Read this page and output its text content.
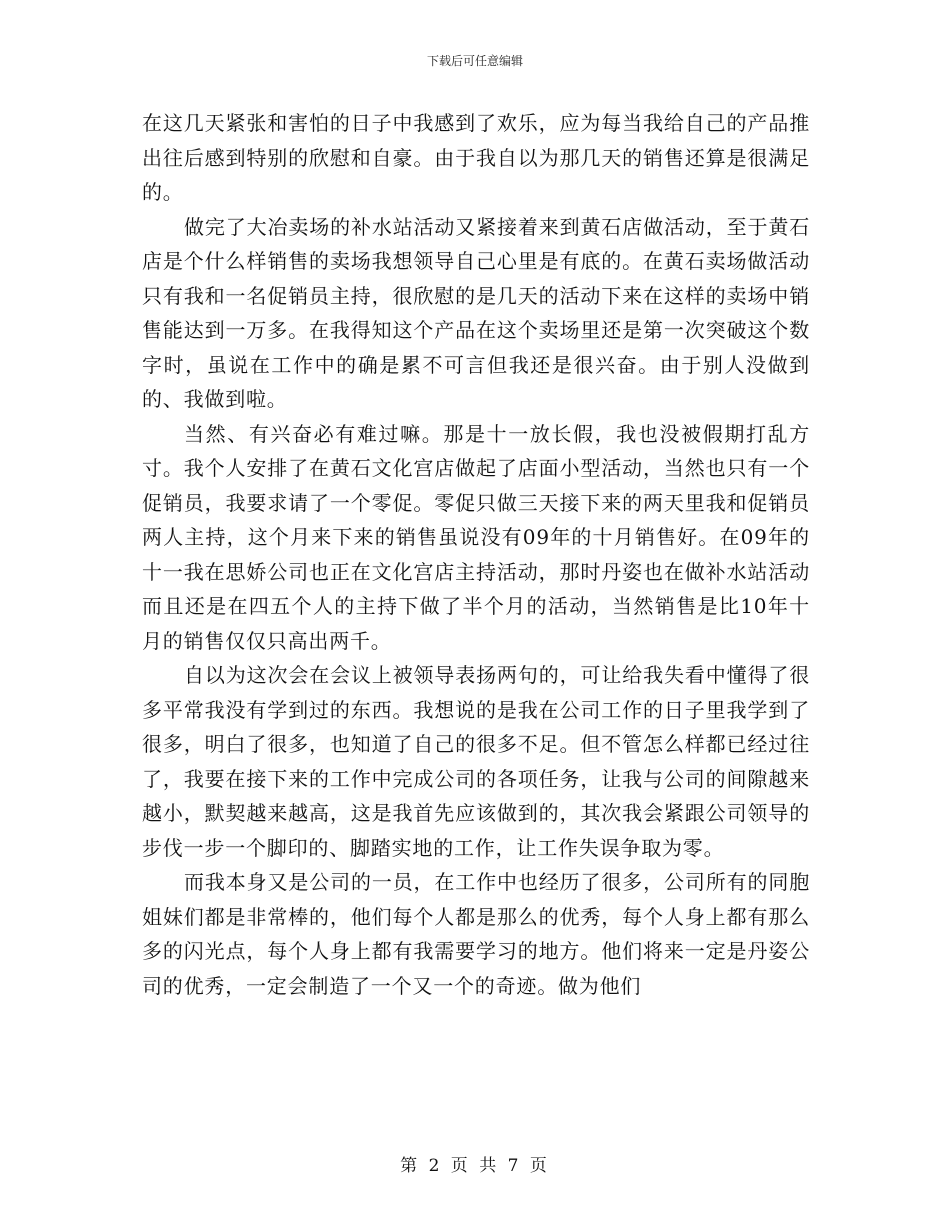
下载后可任意编辑

在这几天紧张和害怕的日子中我感到了欢乐，应为每当我给自己的产品推出往后感到特别的欣慰和自豪。由于我自以为那几天的销售还算是很满足的。

做完了大冶卖场的补水站活动又紧接着来到黄石店做活动，至于黄石店是个什么样销售的卖场我想领导自己心里是有底的。在黄石卖场做活动只有我和一名促销员主持，很欣慰的是几天的活动下来在这样的卖场中销售能达到一万多。在我得知这个产品在这个卖场里还是第一次突破这个数字时，虽说在工作中的确是累不可言但我还是很兴奋。由于别人没做到的、我做到啦。

当然、有兴奋必有难过嘛。那是十一放长假，我也没被假期打乱方寸。我个人安排了在黄石文化宫店做起了店面小型活动，当然也只有一个促销员，我要求请了一个零促。零促只做三天接下来的两天里我和促销员两人主持，这个月来下来的销售虽说没有09年的十月销售好。在09年的十一我在思娇公司也正在文化宫店主持活动，那时丹姿也在做补水站活动而且还是在四五个人的主持下做了半个月的活动，当然销售是比10年十月的销售仅仅只高出两千。

自以为这次会在会议上被领导表扬两句的，可让给我失看中懂得了很多平常我没有学到过的东西。我想说的是我在公司工作的日子里我学到了很多，明白了很多，也知道了自己的很多不足。但不管怎么样都已经过往了，我要在接下来的工作中完成公司的各项任务，让我与公司的间隙越来越小，默契越来越高，这是我首先应该做到的，其次我会紧跟公司领导的步伐一步一个脚印的、脚踏实地的工作，让工作失误争取为零。

而我本身又是公司的一员，在工作中也经历了很多，公司所有的同胞姐妹们都是非常棒的，他们每个人都是那么的优秀，每个人身上都有那么多的闪光点，每个人身上都有我需要学习的地方。他们将来一定是丹姿公司的优秀，一定会制造了一个又一个的奇迹。做为他们

第 2 页 共 7 页
